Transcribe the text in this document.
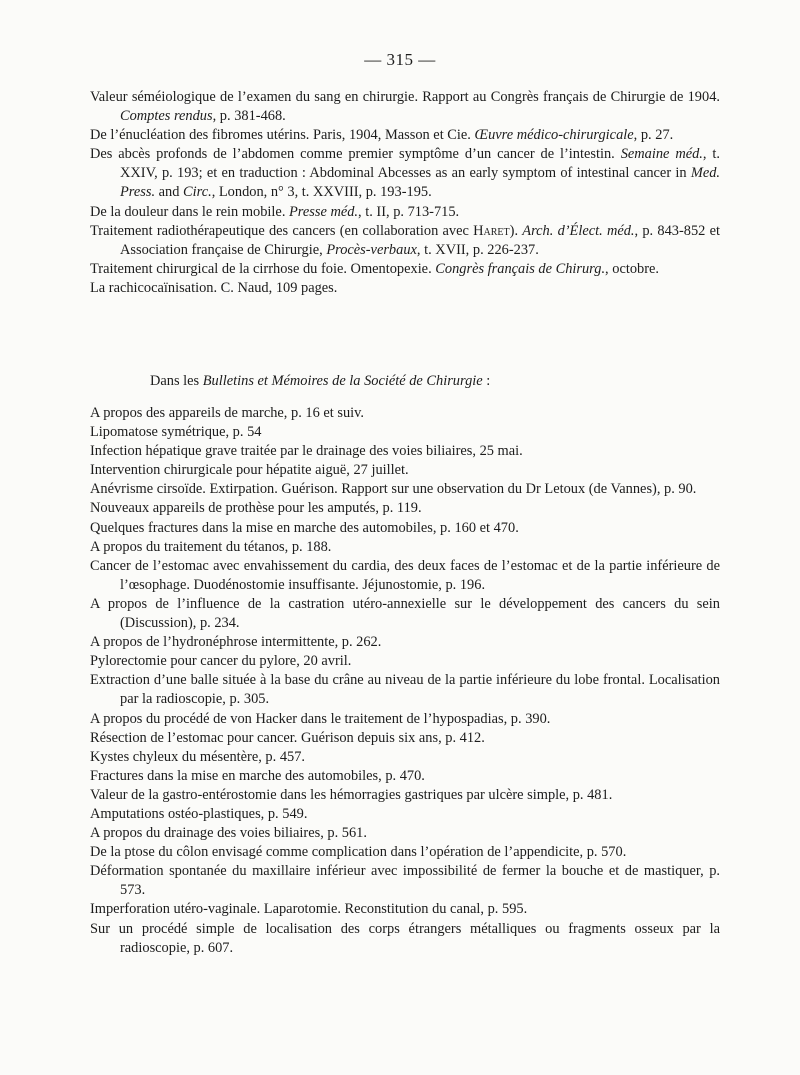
— 315 —
Valeur séméiologique de l’examen du sang en chirurgie. Rapport au Congrès français de Chirurgie de 1904. Comptes rendus, p. 381-468.
De l’énucléation des fibromes utérins. Paris, 1904, Masson et Cie. Œuvre médico-chirurgicale, p. 27.
Des abcès profonds de l’abdomen comme premier symptôme d’un cancer de l’intestin. Semaine méd., t. XXIV, p. 193; et en traduction : Abdominal Abcesses as an early symptom of intestinal cancer in Med. Press. and Circ., London, n° 3, t. XXVIII, p. 193-195.
De la douleur dans le rein mobile. Presse méd., t. II, p. 713-715.
Traitement radiothérapeutique des cancers (en collaboration avec Haret). Arch. d’Élect. méd., p. 843-852 et Association française de Chirurgie, Procès-verbaux, t. XVII, p. 226-237.
Traitement chirurgical de la cirrhose du foie. Omentopexie. Congrès français de Chirurg., octobre.
La rachicocaïnisation. C. Naud, 109 pages.
Dans les Bulletins et Mémoires de la Société de Chirurgie :
A propos des appareils de marche, p. 16 et suiv.
Lipomatose symétrique, p. 54
Infection hépatique grave traitée par le drainage des voies biliaires, 25 mai.
Intervention chirurgicale pour hépatite aiguë, 27 juillet.
Anévrisme cirsoïde. Extirpation. Guérison. Rapport sur une observation du Dr Letoux (de Vannes), p. 90.
Nouveaux appareils de prothèse pour les amputés, p. 119.
Quelques fractures dans la mise en marche des automobiles, p. 160 et 470.
A propos du traitement du tétanos, p. 188.
Cancer de l’estomac avec envahissement du cardia, des deux faces de l’estomac et de la partie inférieure de l’œsophage. Duodénostomie insuffisante. Jéjunostomie, p. 196.
A propos de l’influence de la castration utéro-annexielle sur le développement des cancers du sein (Discussion), p. 234.
A propos de l’hydronéphrose intermittente, p. 262.
Pylorectomie pour cancer du pylore, 20 avril.
Extraction d’une balle située à la base du crâne au niveau de la partie inférieure du lobe frontal. Localisation par la radioscopie, p. 305.
A propos du procédé de von Hacker dans le traitement de l’hypospadias, p. 390.
Résection de l’estomac pour cancer. Guérison depuis six ans, p. 412.
Kystes chyleux du mésentère, p. 457.
Fractures dans la mise en marche des automobiles, p. 470.
Valeur de la gastro-entérostomie dans les hémorragies gastriques par ulcère simple, p. 481.
Amputations ostéo-plastiques, p. 549.
A propos du drainage des voies biliaires, p. 561.
De la ptose du côlon envisagé comme complication dans l’opération de l’appendicite, p. 570.
Déformation spontanée du maxillaire inférieur avec impossibilité de fermer la bouche et de mastiquer, p. 573.
Imperforation utéro-vaginale. Laparotomie. Reconstitution du canal, p. 595.
Sur un procédé simple de localisation des corps étrangers métalliques ou fragments osseux par la radioscopie, p. 607.
